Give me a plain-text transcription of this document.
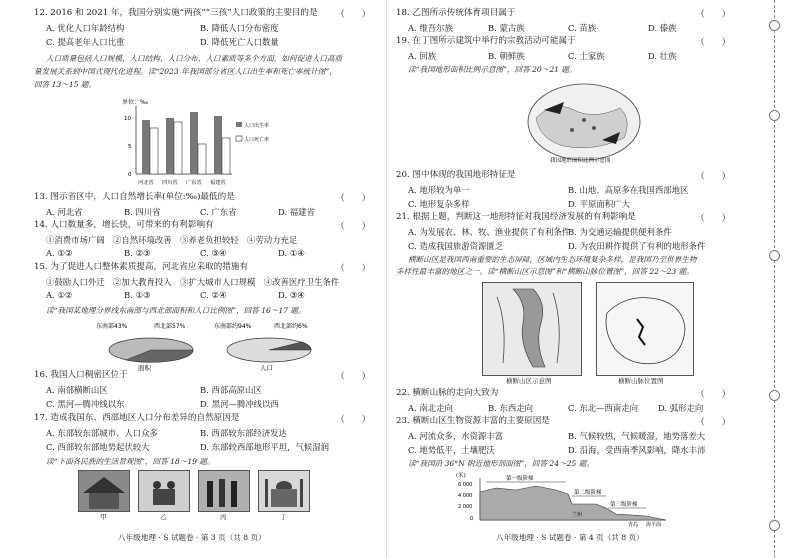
12. 2016 和 2021 年，我国分别实施“两孩”“三孩”人口政策的主要目的是 （　　）
A. 优化人口年龄结构	B. 降低人口分布密度
C. 提高老年人口比重	D. 降低死亡人口数量
人口质量包括人口规模、人口结构、人口分布、人口素质等多个方面，如何促进人口高质
量发展关系到中国式现代化进程。读“2023 年我国部分省区人口出生率和死亡率统计图”，
回答 13～15 题。
单位：‰
10
5
0
河北省 四川省 广东省 福建省
人口出生率
人口死亡率
13. 图示省区中，人口自然增长率(单位:‰)最低的是	（　　）
A. 河北省	B. 四川省	C. 广东省	D. 福建省
14. 人口数量多，增长快，可带来的有利影响有	（　　）
①消费市场广阔　②自然环境改善　③养老负担较轻　④劳动力充足
A. ①②	B. ②③	C. ③④	D. ①④
15. 为了促进人口整体素质提高，河北省应采取的措施有	（　　）
①鼓励人口外迁　②加大教育投入　③扩大城市人口规模　④改善医疗卫生条件
A. ①②	B. ①③	C. ②④	D. ③④
读“我国某地理分界线东南部与西北部面积和人口比例图”，回答 16～17 题。
东南部43%	西北部57%
面积
东南部约94%	西北部约6%
人口
16. 我国人口稠密区位于	（　　）
A. 南部横断山区	B. 西部高原山区
C. 黑河—腾冲线以东	D. 黑河—腾冲线以西
17. 造成我国东、西部地区人口分布差异的自然原因是	（　　）
A. 东部较东部城市、人口众多	B. 西部较东部经济发达
C. 西部较东部地势起伏较大	D. 东部较西部地形平坦，气候湿润
读“下面各民族的生活景观图”，回答 18～19 题。
甲	乙	丙	丁
八年级地理 · S 试题卷 · 第 3 页（共 8 页）
18. 乙图所示传统体育项目属于	（　　）
A. 维吾尔族	B. 蒙古族	C. 苗族	D. 傣族
19. 在丁图所示建筑中举行的宗教活动可能属于	（　　）
A. 回族	B. 朝鲜族	C. 土家族	D. 壮族
读“我国地形面积比例示意图”，回答 20～21 题。
我国地形面积比例示意图
20. 图中体现的我国地形特征是	（　　）
A. 地形较为单一	B. 山地、高原多在我国西部地区
C. 地形复杂多样	D. 平原面积广大
21. 根据上题，判断这一地形特征对我国经济发展的有利影响是	（　　）
A. 为发展农、林、牧、渔业提供了有利条件
B. 为交通运输提供便利条件
C. 造成我国旅游资源匮乏	D. 为农田耕作提供了有利的地形条件
横断山区是我国西南重要的生态屏障，区域内生态环境复杂多样，是我国乃至世界生物
多样性最丰富的地区之一。读“横断山区示意图”和“横断山脉位置图”，回答 22～23 题。
横断山区示意图	横断山脉位置图
22. 横断山脉的走向大致为	（　　）
A. 南北走向	B. 东西走向	C. 东北—西南走向 D. 弧形走向
23. 横断山区生物资源丰富的主要原因是	（　　）
A. 河流众多，水资源丰富	B. 气候较热，气候暖湿，地势落差大
C. 地势低平，土壤肥沃	D. 沿海，受西南季风影响，降水丰沛
读“我国沿 36°N 附近地形剖面图”，回答 24～25 题。
(米)
6 000
4 000
2 000
0
第一级阶梯
第二级阶梯
第三级阶梯
兰州
青岛 海平面
八年级地理 · S 试题卷 · 第 4 页（共 8 页）
